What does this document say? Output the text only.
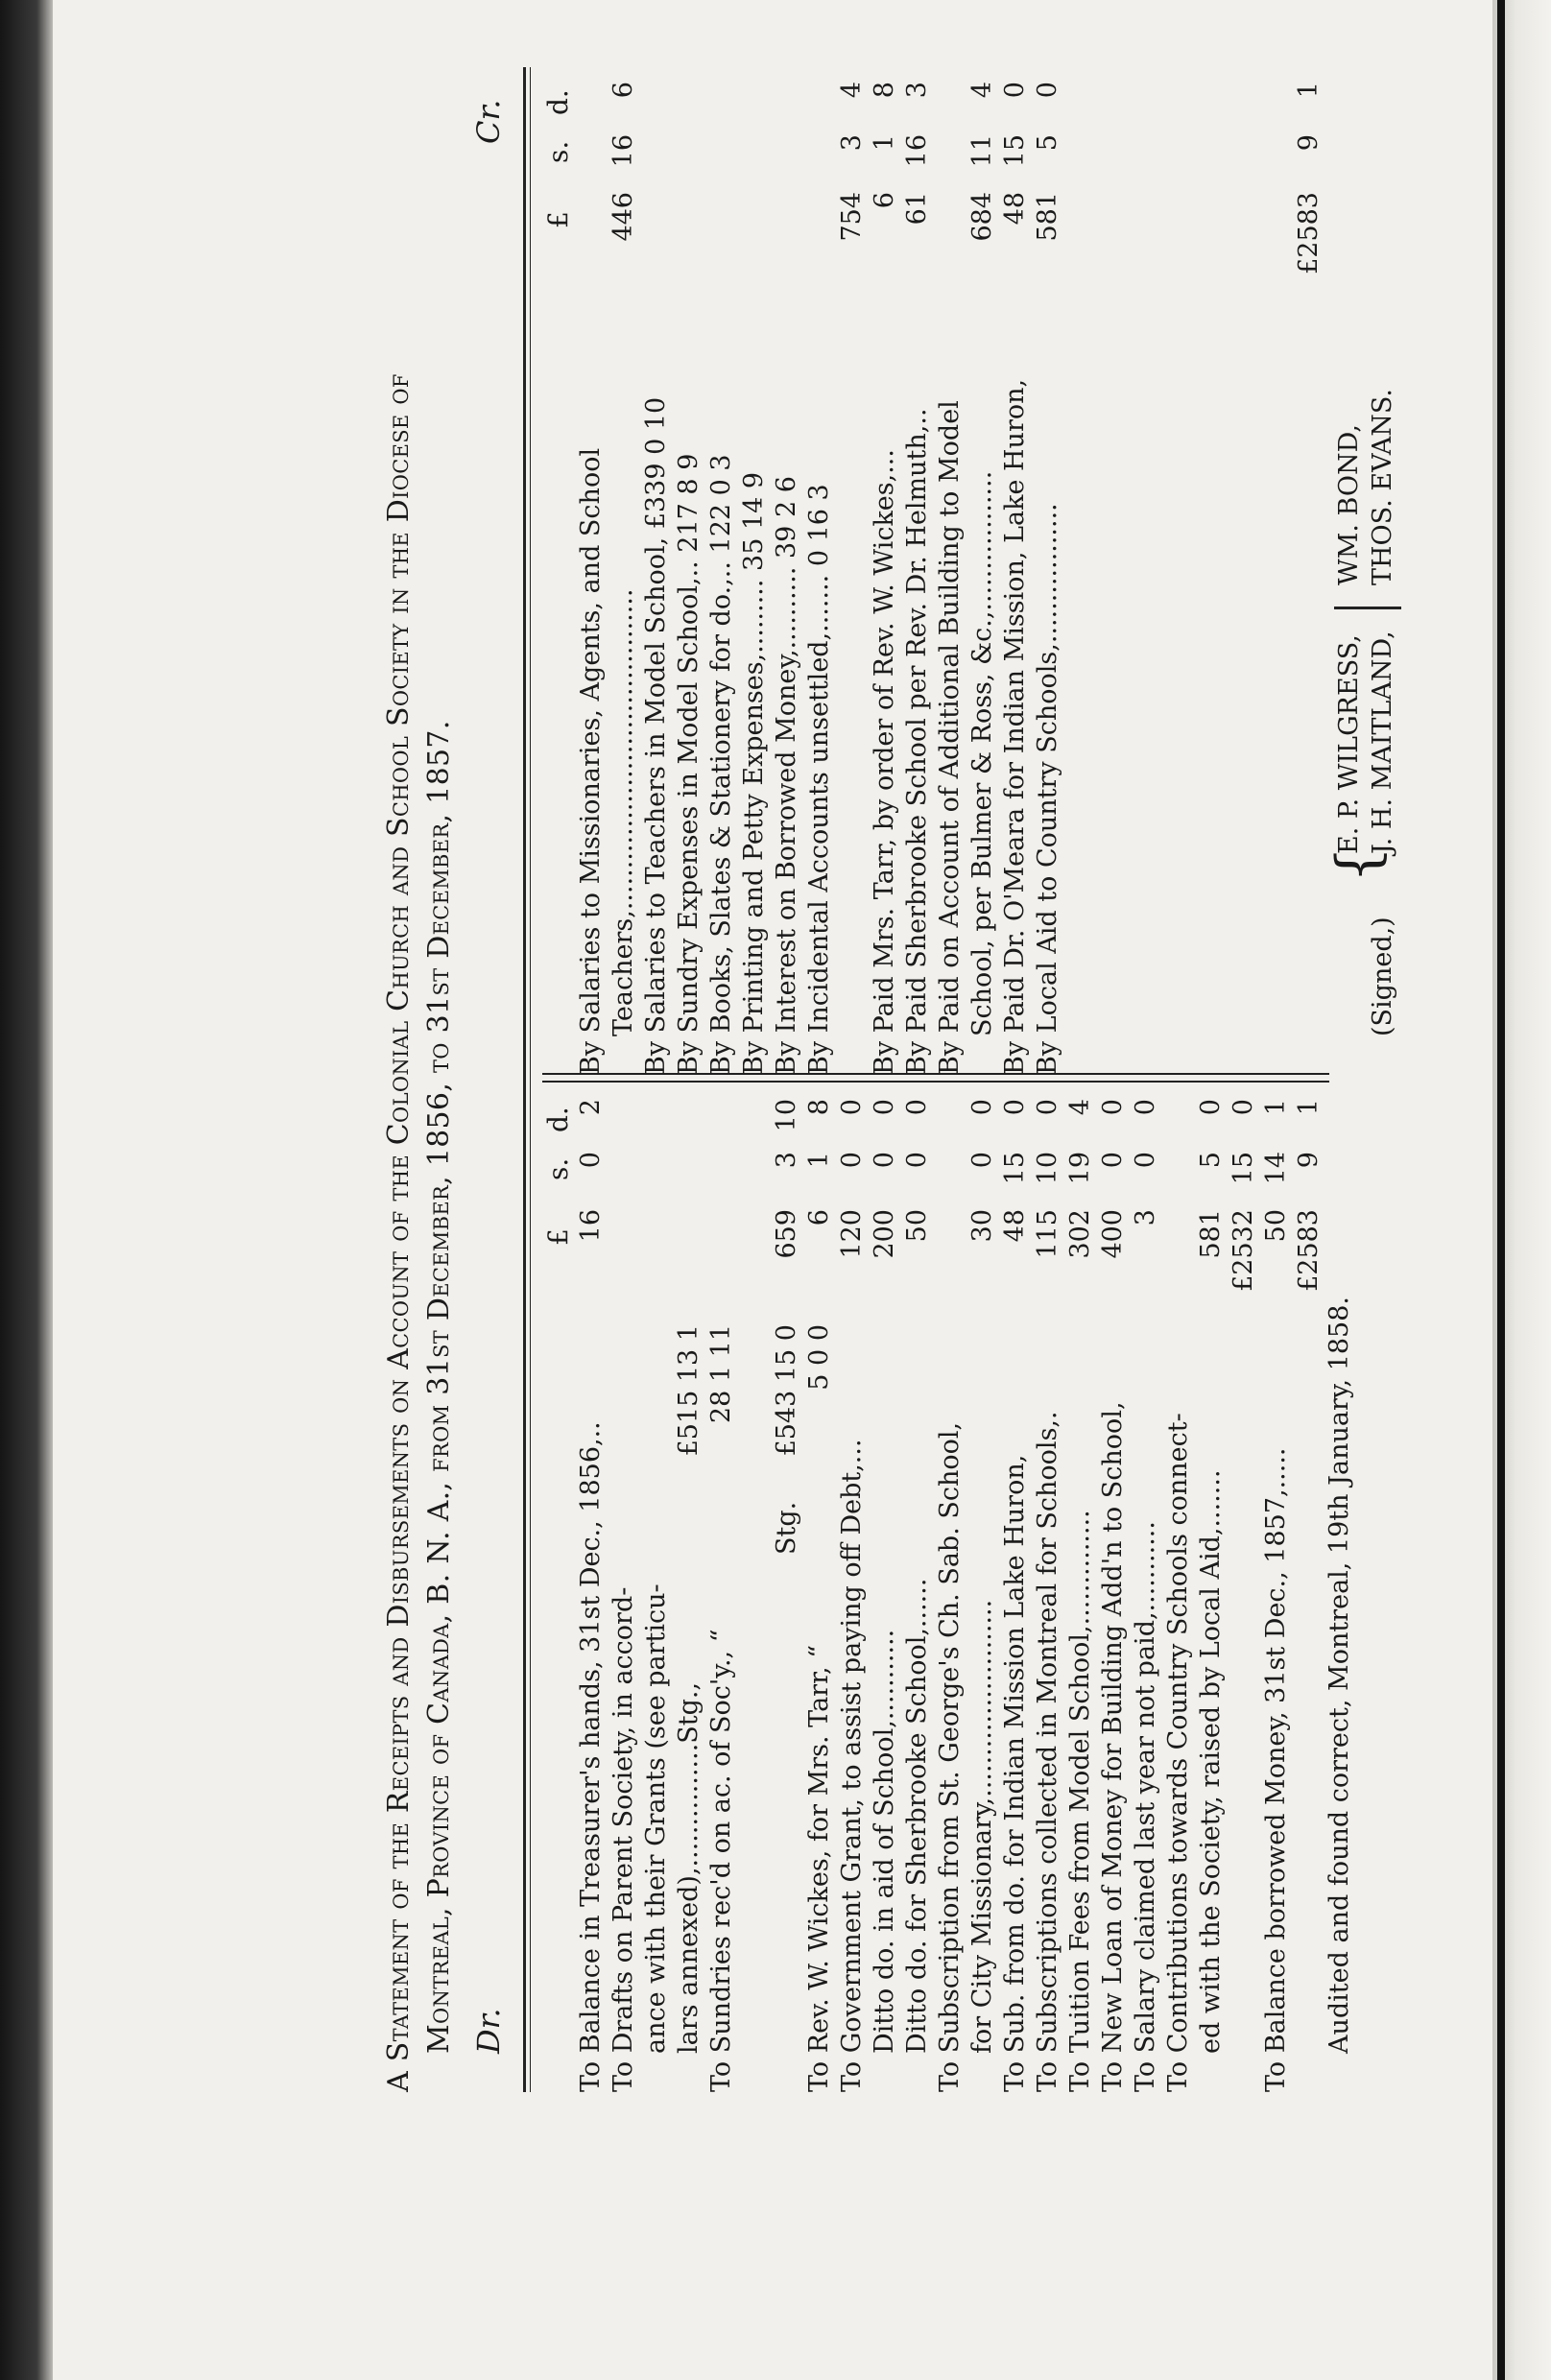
A Statement of the Receipts and Disbursements on Account of the Colonial Church and School Society in the Diocese of Montreal, Province of Canada, B. N. A., from 31st December, 1856, to 31st December, 1857. Dr.
Cr.
£
s.
d.
To Balance in Treasurer's hands, 31st Dec., 1856,..
16
0
2
To Drafts on Parent Society, in accord- ance with their Grants (see particu- lars annexed),...............Stg.,
£515 13 1
To Sundries rec'd on ac. of Soc'y., “
28 1 11
Stg.
£543 15 0
659
3
10
To Rev. W. Wickes, for Mrs. Tarr, “
5 0 0
6
1
8
To Government Grant, to assist paying off Debt,...
120
0
0
Ditto do. in aid of School,...........
200
0
0
Ditto do. for Sherbrooke School,......
50
0
0
To Subscription from St. George's Ch. Sab. School, for City Missionary,........................
30
0
0
To Sub. from do. for Indian Mission Lake Huron,
48
15
0
To Subscriptions collected in Montreal for Schools,.
115
10
0
To Tuition Fees from Model School,..............
302
19
4
To New Loan of Money for Building Add'n to School,
400
0
0
To Salary claimed last year not paid,...........
3
0
0
To Contributions towards Country Schools connect- ed with the Society, raised by Local Aid,.......
581
5
0
£2532
15
0
To Balance borrowed Money, 31st Dec., 1857,.....
50
14
1
£2583
9
1
£
s.
d.
By Salaries to Missionaries, Agents, and School Teachers,.......................................
446
16
6
By Salaries to Teachers in Model School, £339 0 10 By Sundry Expenses in Model School,.. 217 8 9 By Books, Slates & Stationery for do.,.. 122 0 3 By Printing and Petty Expenses,......... 35 14 9 By Interest on Borrowed Money,.......... 39 2 6 By Incidental Accounts unsettled,....... 0 16 3
754
3
4
By Paid Mrs. Tarr, by order of Rev. W. Wickes,...
6
1
8
By Paid Sherbrooke School per Rev. Dr. Helmuth,..
61
16
3
By Paid on Account of Additional Building to Model School, per Bulmer & Ross, &c.,.................
684
11
4
By Paid Dr. O'Meara for Indian Mission, Lake Huron,
48
15
0
By Local Aid to Country Schools,.................
581
5
0
£2583
9
1
Audited and found correct, Montreal, 19th January, 1858.
(Signed,)
{
E. P. WILGRESS, J. H. MAITLAND,
WM. BOND, THOS. EVANS.
